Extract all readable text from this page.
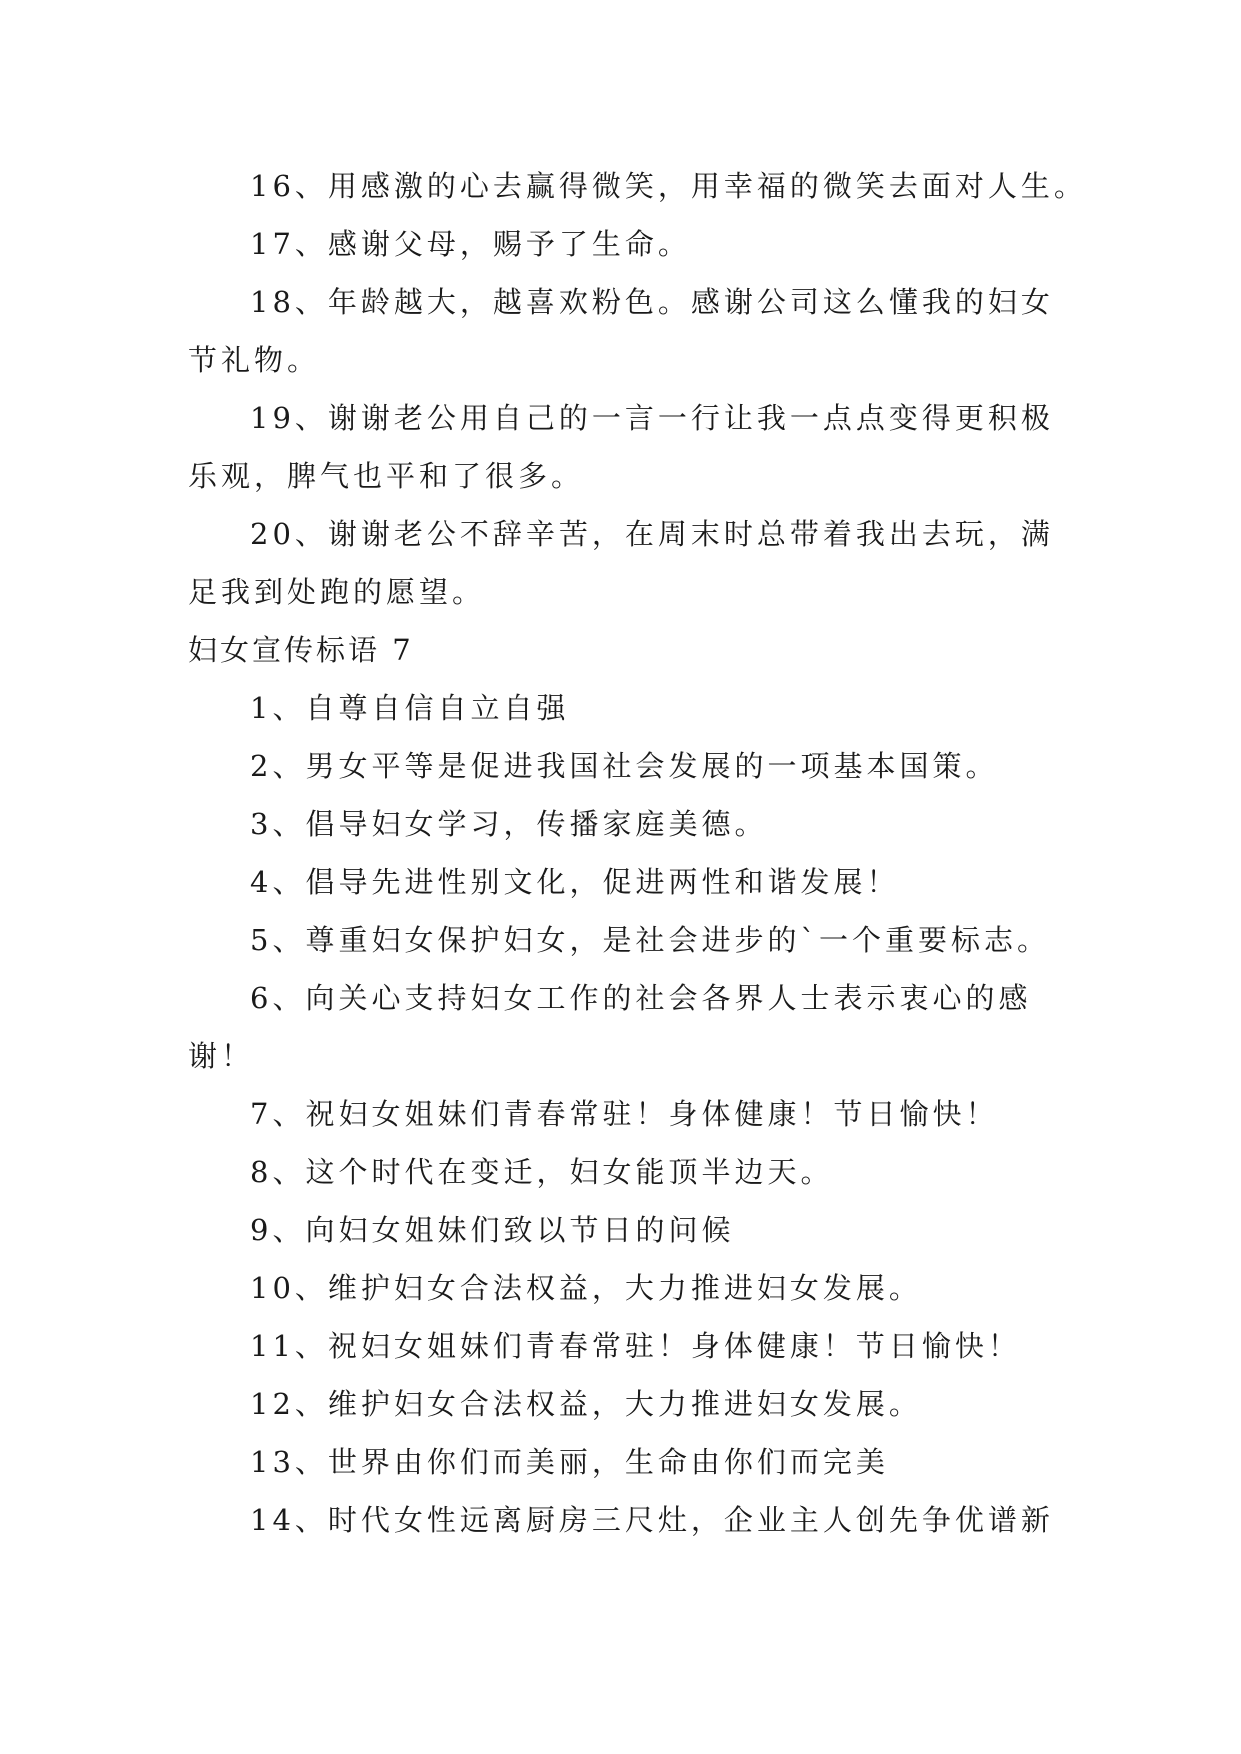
16、用感激的心去赢得微笑，用幸福的微笑去面对人生。

17、感谢父母，赐予了生命。

18、年龄越大，越喜欢粉色。感谢公司这么懂我的妇女

节礼物。

19、谢谢老公用自己的一言一行让我一点点变得更积极

乐观，脾气也平和了很多。

20、谢谢老公不辞辛苦，在周末时总带着我出去玩，满

足我到处跑的愿望。

妇女宣传标语 7

1、自尊自信自立自强

2、男女平等是促进我国社会发展的一项基本国策。

3、倡导妇女学习，传播家庭美德。

4、倡导先进性别文化，促进两性和谐发展！

5、尊重妇女保护妇女，是社会进步的`一个重要标志。

6、向关心支持妇女工作的社会各界人士表示衷心的感

谢！

7、祝妇女姐妹们青春常驻！身体健康！节日愉快！

8、这个时代在变迁，妇女能顶半边天。

9、向妇女姐妹们致以节日的问候

10、维护妇女合法权益，大力推进妇女发展。

11、祝妇女姐妹们青春常驻！身体健康！节日愉快！

12、维护妇女合法权益，大力推进妇女发展。

13、世界由你们而美丽，生命由你们而完美

14、时代女性远离厨房三尺灶，企业主人创先争优谱新
